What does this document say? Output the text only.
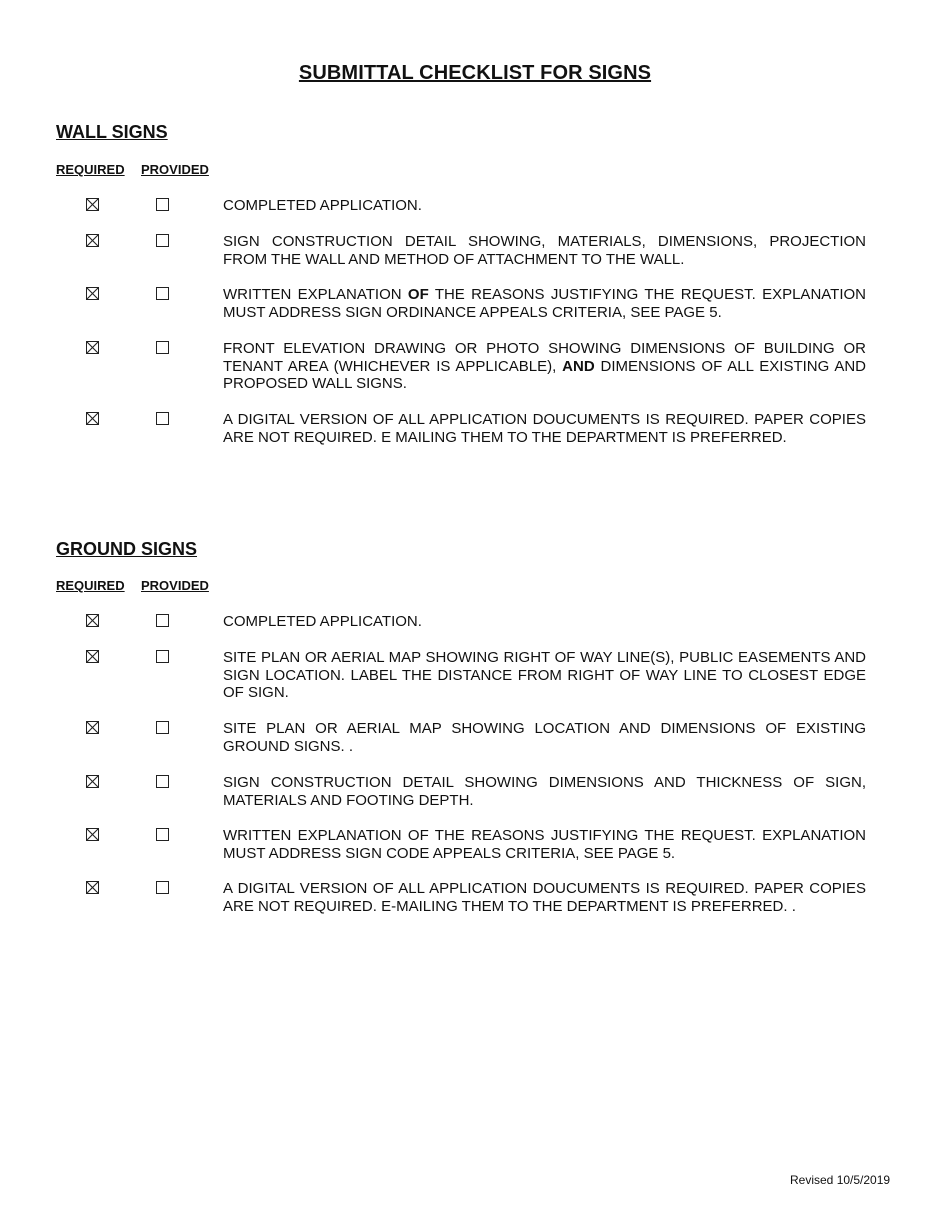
SUBMITTAL CHECKLIST FOR SIGNS
WALL SIGNS
REQUIRED PROVIDED
COMPLETED APPLICATION.
SIGN CONSTRUCTION DETAIL SHOWING, MATERIALS, DIMENSIONS, PROJECTION FROM THE WALL AND METHOD OF ATTACHMENT TO THE WALL.
WRITTEN EXPLANATION OF THE REASONS JUSTIFYING THE REQUEST. EXPLANATION MUST ADDRESS SIGN ORDINANCE APPEALS CRITERIA, SEE PAGE 5.
FRONT ELEVATION DRAWING OR PHOTO SHOWING DIMENSIONS OF BUILDING OR TENANT AREA (WHICHEVER IS APPLICABLE), AND DIMENSIONS OF ALL EXISTING AND PROPOSED WALL SIGNS.
A DIGITAL VERSION OF ALL APPLICATION DOUCUMENTS IS REQUIRED. PAPER COPIES ARE NOT REQUIRED. E MAILING THEM TO THE DEPARTMENT IS PREFERRED.
GROUND SIGNS
REQUIRED PROVIDED
COMPLETED APPLICATION.
SITE PLAN OR AERIAL MAP SHOWING RIGHT OF WAY LINE(S), PUBLIC EASEMENTS AND SIGN LOCATION. LABEL THE DISTANCE FROM RIGHT OF WAY LINE TO CLOSEST EDGE OF SIGN.
SITE PLAN OR AERIAL MAP SHOWING LOCATION AND DIMENSIONS OF EXISTING GROUND SIGNS. .
SIGN CONSTRUCTION DETAIL SHOWING DIMENSIONS AND THICKNESS OF SIGN, MATERIALS AND FOOTING DEPTH.
WRITTEN EXPLANATION OF THE REASONS JUSTIFYING THE REQUEST. EXPLANATION MUST ADDRESS SIGN CODE APPEALS CRITERIA, SEE PAGE 5.
A DIGITAL VERSION OF ALL APPLICATION DOUCUMENTS IS REQUIRED. PAPER COPIES ARE NOT REQUIRED. E-MAILING THEM TO THE DEPARTMENT IS PREFERRED. .
Revised 10/5/2019
